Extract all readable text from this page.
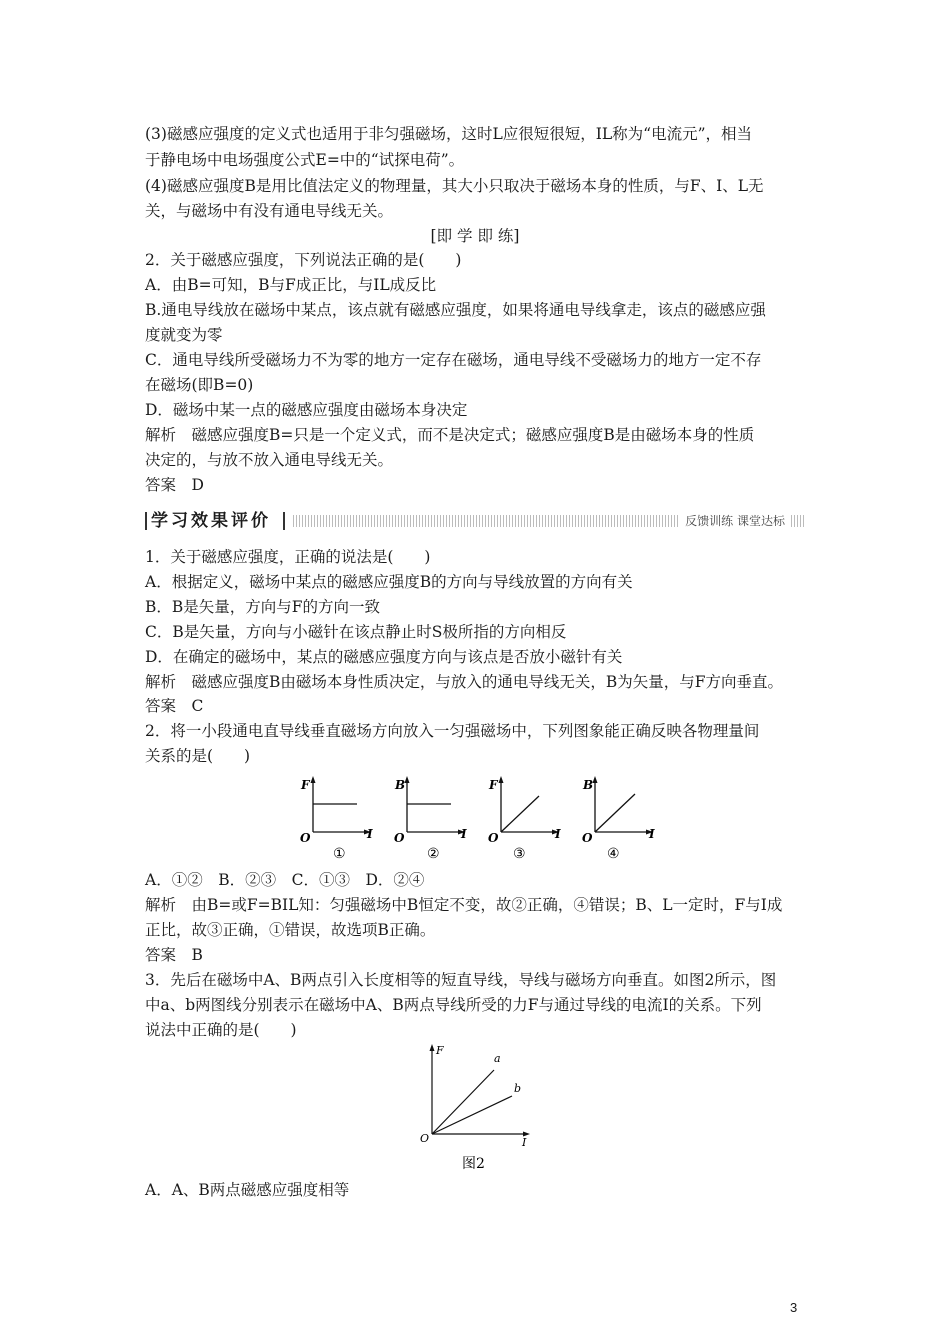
(3)磁感应强度的定义式也适用于非匀强磁场，这时L应很短很短，IL称为“电流元”，相当
于静电场中电场强度公式E=中的“试探电荷”。
(4)磁感应强度B是用比值法定义的物理量，其大小只取决于磁场本身的性质，与F、I、L无
关，与磁场中有没有通电导线无关。
[即 学 即 练]
2．关于磁感应强度，下列说法正确的是(　　)
A．由B=可知，B与F成正比，与IL成反比
B.通电导线放在磁场中某点，该点就有磁感应强度，如果将通电导线拿走，该点的磁感应强
度就变为零
C．通电导线所受磁场力不为零的地方一定存在磁场，通电导线不受磁场力的地方一定不存
在磁场(即B=0)
D．磁场中某一点的磁感应强度由磁场本身决定
解析　磁感应强度B=只是一个定义式，而不是决定式；磁感应强度B是由磁场本身的性质
决定的，与放不放入通电导线无关。
答案　D
学习效果评价	反馈训练 课堂达标
1．关于磁感应强度，正确的说法是(　　)
A．根据定义，磁场中某点的磁感应强度B的方向与导线放置的方向有关
B．B是矢量，方向与F的方向一致
C．B是矢量，方向与小磁针在该点静止时S极所指的方向相反
D．在确定的磁场中，某点的磁感应强度方向与该点是否放小磁针有关
解析　磁感应强度B由磁场本身性质决定，与放入的通电导线无关，B为矢量，与F方向垂直。
答案　C
2．将一小段通电直导线垂直磁场方向放入一匀强磁场中，下列图象能正确反映各物理量间
关系的是(　　)
F
O	I
①
B
O	I
②
F
O	I
③
B
O	I
④
A．①②　B．②③　C．①③　D．②④
解析　由B=或F=BIL知：匀强磁场中B恒定不变，故②正确，④错误；B、L一定时，F与I成
正比，故③正确，①错误，故选项B正确。
答案　B
3．先后在磁场中A、B两点引入长度相等的短直导线，导线与磁场方向垂直。如图2所示，图
中a、b两图线分别表示在磁场中A、B两点导线所受的力F与通过导线的电流I的关系。下列
说法中正确的是(　　)
F
O	I
a
b
图2
A．A、B两点磁感应强度相等
3
